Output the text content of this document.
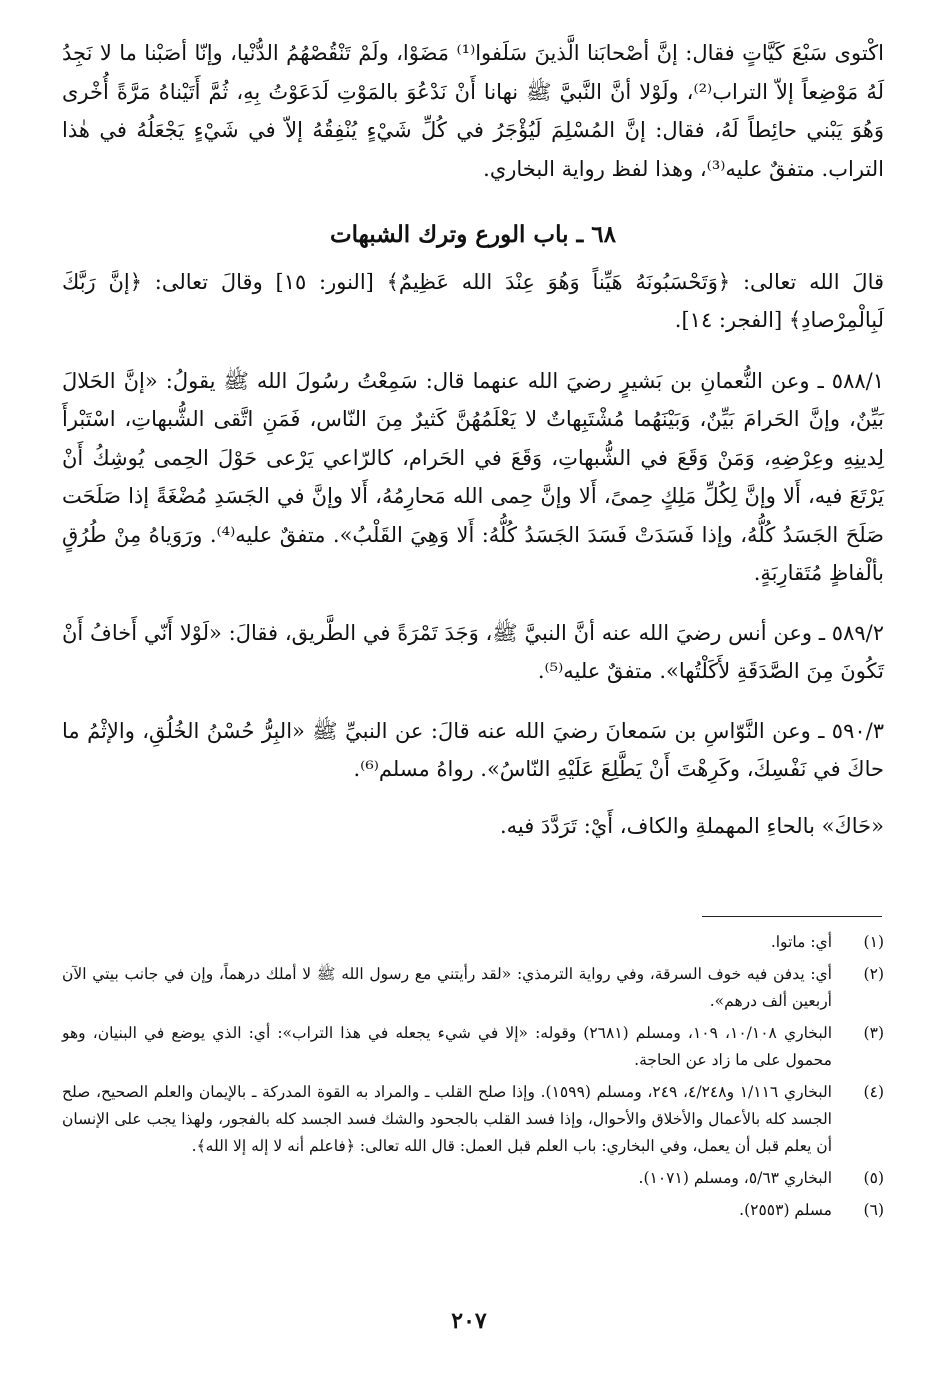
اكْتوى سَبْعَ كَيَّاتٍ فقال: إنَّ أصْحابَنا الَّذينَ سَلَفوا⁽¹⁾ مَضَوْا، ولَمْ تَنْقُصْهُمُ الدُّنْيا، وإنّا أصَبْنا ما لا نَجِدُ لَهُ مَوْضِعاً إلاّ التراب⁽²⁾، ولَوْلا أنَّ النَّبيَّ ﷺ نهانا أَنْ نَدْعُوَ بالمَوْتِ لَدَعَوْتُ بِهِ، ثُمَّ أَتَيْناهُ مَرَّةً أُخْرى وَهُوَ يَبْني حائِطاً لَهُ، فقال: إنَّ المُسْلِمَ لَيُؤْجَرُ في كُلِّ شَيْءٍ يُنْفِقُهُ إلاّ في شَيْءٍ يَجْعَلُهُ في هٰذا التراب. متفقٌ عليه⁽³⁾، وهذا لفظ رواية البخاري.

٦٨ ـ باب الورع وترك الشبهات

قالَ الله تعالى: ﴿وَتَحْسَبُونَهُ هَيِّناً وَهُوَ عِنْدَ الله عَظِيمٌ﴾ [النور: ١٥] وقالَ تعالى: ﴿إنَّ رَبَّكَ لَبِالْمِرْصادِ﴾ [الفجر: ١٤].

٥٨٨/١ ـ وعن النُّعمانِ بن بَشيرٍ رضيَ الله عنهما قال: سَمِعْتُ رسُولَ الله ﷺ يقولُ: «إنَّ الحَلالَ بَيِّنٌ، وإنَّ الحَرامَ بَيِّنٌ، وَبَيْنَهُما مُشْتَبِهاتٌ لا يَعْلَمُهُنَّ كَثيرٌ مِنَ النّاس، فَمَنِ اتَّقى الشُّبهاتِ، اسْتَبْرأَ لِدينِهِ وعِرْضِهِ، وَمَنْ وَقَعَ في الشُّبهاتِ، وَقَعَ في الحَرام، كالرّاعي يَرْعى حَوْلَ الحِمى يُوشِكُ أَنْ يَرْتَعَ فيه، أَلا وإنَّ لِكُلِّ مَلِكٍ حِمىً، أَلا وإنَّ حِمى الله مَحارِمُهُ، أَلا وإنَّ في الجَسَدِ مُضْغَةً إذا صَلَحَت صَلَحَ الجَسَدُ كُلُّهُ، وإذا فَسَدَتْ فَسَدَ الجَسَدُ كُلُّهُ: أَلا وَهِيَ القَلْبُ». متفقٌ عليه⁽⁴⁾. ورَوَياهُ مِنْ طُرُقٍ بألْفاظٍ مُتَقارِبَةٍ.

٥٨٩/٢ ـ وعن أنس رضيَ الله عنه أنَّ النبيَّ ﷺ، وَجَدَ تَمْرَةً في الطَّريق، فقالَ: «لَوْلا أَنّي أَخافُ أَنْ تَكُونَ مِنَ الصَّدَقَةِ لأَكَلْتُها». متفقٌ عليه⁽⁵⁾.

٥٩٠/٣ ـ وعن النَّوّاسِ بن سَمعانَ رضيَ الله عنه قالَ: عن النبيِّ ﷺ «البِرُّ حُسْنُ الخُلُقِ، والإثْمُ ما حاكَ في نَفْسِكَ، وكَرِهْتَ أَنْ يَطَّلِعَ عَلَيْهِ النّاسُ». رواهُ مسلم⁽⁶⁾.

«حَاكَ» بالحاءِ المهملةِ والكاف، أَيْ: تَرَدَّدَ فيه.

(١)
أي: ماتوا.
(٢)
أي: يدفن فيه خوف السرقة، وفي رواية الترمذي: «لقد رأيتني مع رسول الله ﷺ لا أملك درهماً، وإن في جانب بيتي الآن أربعين ألف درهم».
(٣)
البخاري ١٠/١٠٨، ١٠٩، ومسلم (٢٦٨١) وقوله: «إلا في شيء يجعله في هذا التراب»: أي: الذي يوضع في البنيان، وهو محمول على ما زاد عن الحاجة.
(٤)
البخاري ١/١١٦ و٤/٢٤٨، ٢٤٩، ومسلم (١٥٩٩). وإذا صلح القلب ـ والمراد به القوة المدركة ـ بالإيمان والعلم الصحيح، صلح الجسد كله بالأعمال والأخلاق والأحوال، وإذا فسد القلب بالجحود والشك فسد الجسد كله بالفجور، ولهذا يجب على الإنسان أن يعلم قبل أن يعمل، وفي البخاري: باب العلم قبل العمل: قال الله تعالى: ﴿فاعلم أنه لا إله إلا الله﴾.
(٥)
البخاري ٥/٦٣، ومسلم (١٠٧١).
(٦)
مسلم (٢٥٥٣).
٢٠٧
